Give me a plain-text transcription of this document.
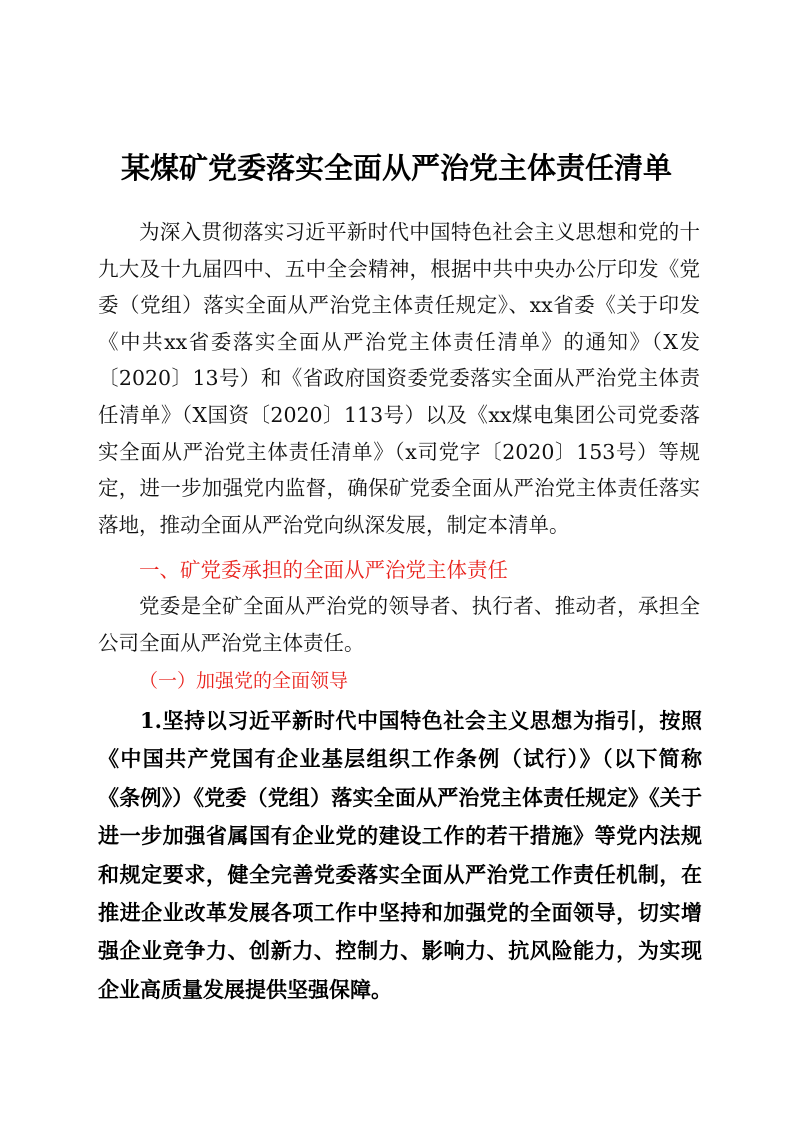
某煤矿党委落实全面从严治党主体责任清单

为深入贯彻落实习近平新时代中国特色社会主义思想和党的十九大及十九届四中、五中全会精神，根据中共中央办公厅印发《党委（党组）落实全面从严治党主体责任规定》、xx省委《关于印发《中共xx省委落实全面从严治党主体责任清单》的通知》（X发〔2020〕13号）和《省政府国资委党委落实全面从严治党主体责任清单》（X国资〔2020〕113号）以及《xx煤电集团公司党委落实全面从严治党主体责任清单》（x司党字〔2020〕153号）等规定，进一步加强党内监督，确保矿党委全面从严治党主体责任落实落地，推动全面从严治党向纵深发展，制定本清单。

一、矿党委承担的全面从严治党主体责任

党委是全矿全面从严治党的领导者、执行者、推动者，承担全公司全面从严治党主体责任。

（一）加强党的全面领导

1.坚持以习近平新时代中国特色社会主义思想为指引，按照《中国共产党国有企业基层组织工作条例（试行）》（以下简称《条例》）《党委（党组）落实全面从严治党主体责任规定》《关于进一步加强省属国有企业党的建设工作的若干措施》等党内法规和规定要求，健全完善党委落实全面从严治党工作责任机制，在推进企业改革发展各项工作中坚持和加强党的全面领导，切实增强企业竞争力、创新力、控制力、影响力、抗风险能力，为实现企业高质量发展提供坚强保障。
